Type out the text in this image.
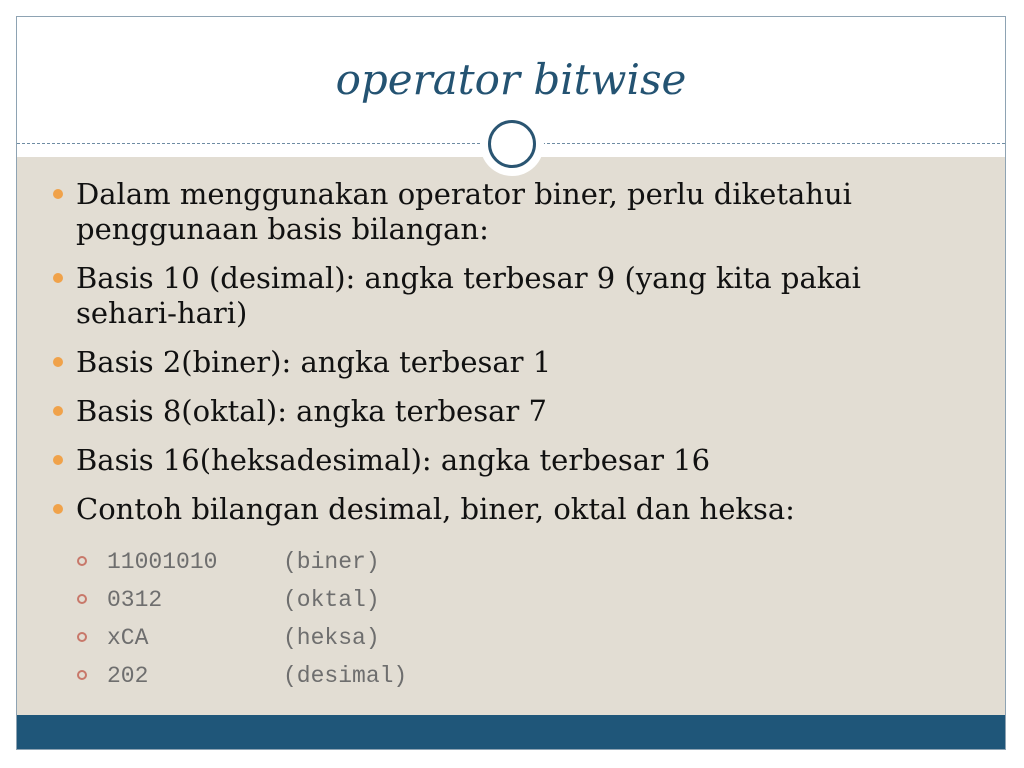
operator bitwise
Dalam menggunakan operator biner, perlu diketahui penggunaan basis bilangan:
Basis 10 (desimal): angka terbesar 9 (yang kita pakai sehari-hari)
Basis 2(biner): angka terbesar 1
Basis 8(oktal): angka terbesar 7
Basis 16(heksadesimal): angka terbesar 16
Contoh bilangan desimal, biner, oktal dan heksa:
11001010	(biner)
0312	(oktal)
xCA	(heksa)
202	(desimal)
